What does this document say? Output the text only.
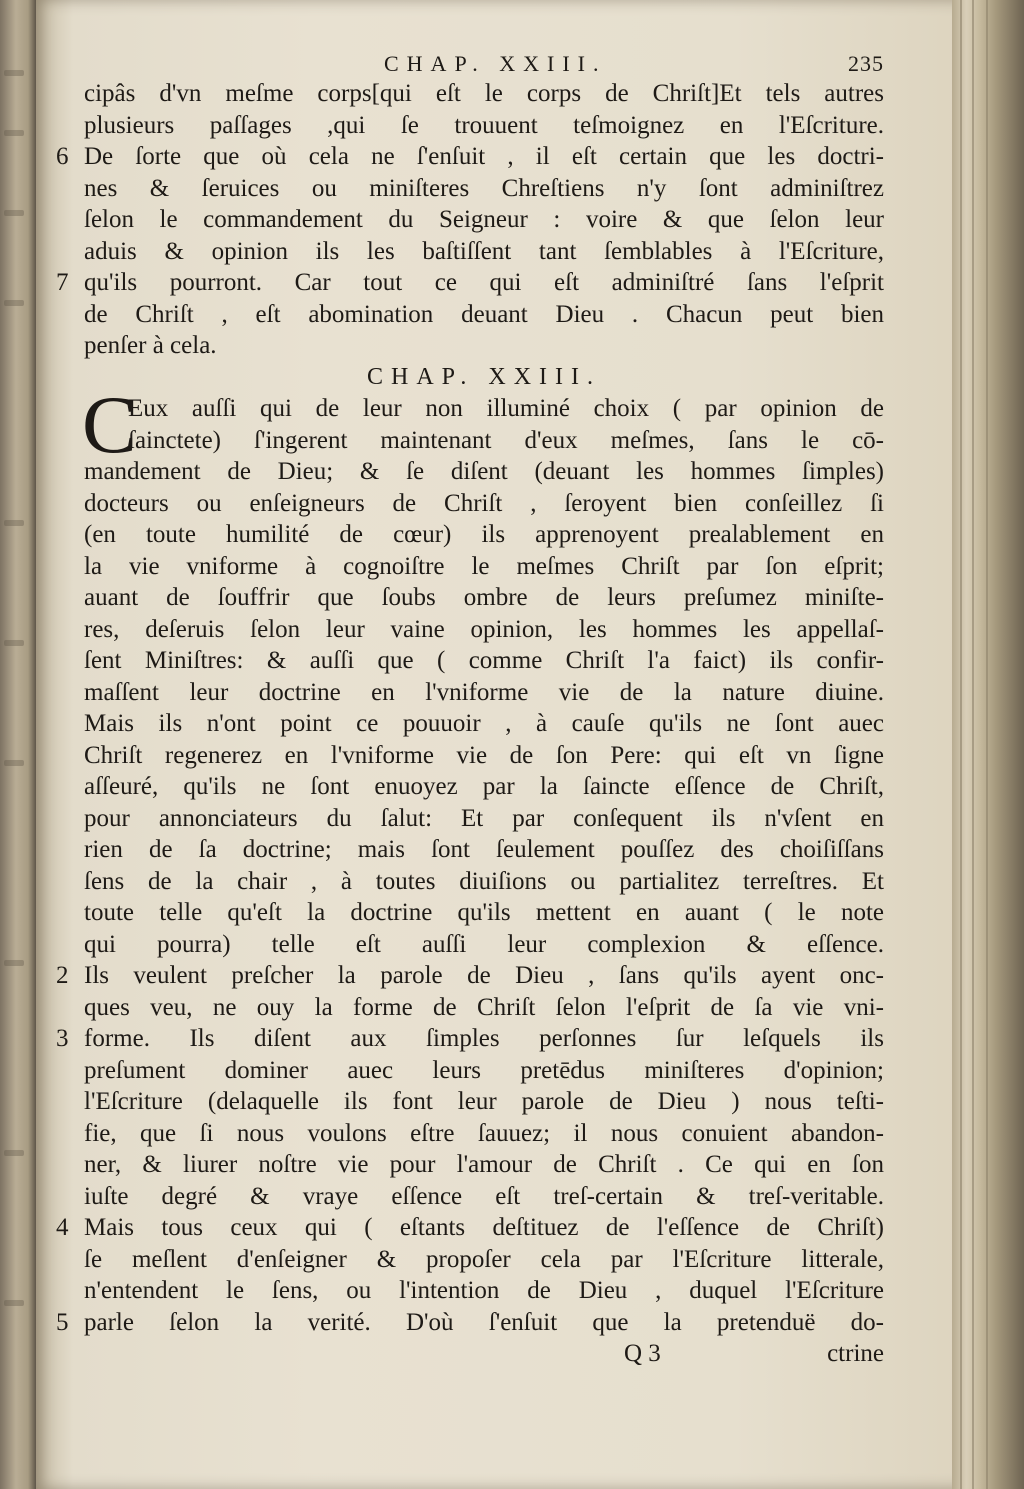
CHAP. XXIII.	235
cipâs d'vn meſme corps[qui eſt le corps de Chriſt]Et tels autres
plusieurs paſſages ,qui ſe trouuent teſmoignez en l'Eſcriture.
6 De ſorte que où cela ne ſ'enſuit , il eſt certain que les doctri-
nes & ſeruices ou miniſteres Chreſtiens n'y ſont adminiſtrez
ſelon le commandement du Seigneur : voire & que ſelon leur
aduis & opinion ils les baſtiſſent tant ſemblables à l'Eſcriture,
7 qu'ils pourront. Car tout ce qui eſt adminiſtré ſans l'eſprit
de Chriſt , eſt abomination deuant Dieu . Chacun peut bien
penſer à cela.
CHAP. XXIII.
C
Eux auſſi qui de leur non illuminé choix ( par opinion de
ſainctete) ſ'ingerent maintenant d'eux meſmes, ſans le cō-
mandement de Dieu; & ſe diſent (deuant les hommes ſimples)
docteurs ou enſeigneurs de Chriſt , ſeroyent bien conſeillez ſi
(en toute humilité de cœur) ils apprenoyent prealablement en
la vie vniforme à cognoiſtre le meſmes Chriſt par ſon eſprit;
auant de ſouffrir que ſoubs ombre de leurs preſumez miniſte-
res, deſeruis ſelon leur vaine opinion, les hommes les appellaſ-
ſent Miniſtres: & auſſi que ( comme Chriſt l'a faict) ils confir-
maſſent leur doctrine en l'vniforme vie de la nature diuine.
Mais ils n'ont point ce pouuoir , à cauſe qu'ils ne ſont auec
Chriſt regenerez en l'vniforme vie de ſon Pere: qui eſt vn ſigne
aſſeuré, qu'ils ne ſont enuoyez par la ſaincte eſſence de Chriſt,
pour annonciateurs du ſalut: Et par conſequent ils n'vſent en
rien de ſa doctrine; mais ſont ſeulement pouſſez des choiſiſſans
ſens de la chair , à toutes diuiſions ou partialitez terreſtres. Et
toute telle qu'eſt la doctrine qu'ils mettent en auant ( le note
qui pourra) telle eſt auſſi leur complexion & eſſence.
2 Ils veulent preſcher la parole de Dieu , ſans qu'ils ayent onc-
ques veu, ne ouy la forme de Chriſt ſelon l'eſprit de ſa vie vni-
3 forme. Ils diſent aux ſimples perſonnes ſur leſquels ils
preſument dominer auec leurs pretēdus miniſteres d'opinion;
l'Eſcriture (delaquelle ils font leur parole de Dieu ) nous teſti-
fie, que ſi nous voulons eſtre ſauuez; il nous conuient abandon-
ner, & liurer noſtre vie pour l'amour de Chriſt . Ce qui en ſon
iuſte degré & vraye eſſence eſt treſ-certain & treſ-veritable.
4 Mais tous ceux qui ( eſtants deſtituez de l'eſſence de Chriſt)
ſe meſlent d'enſeigner & propoſer cela par l'Eſcriture litterale,
n'entendent le ſens, ou l'intention de Dieu , duquel l'Eſcriture
5 parle ſelon la verité. D'où ſ'enſuit que la pretenduë do-
Q 3	ctrine
